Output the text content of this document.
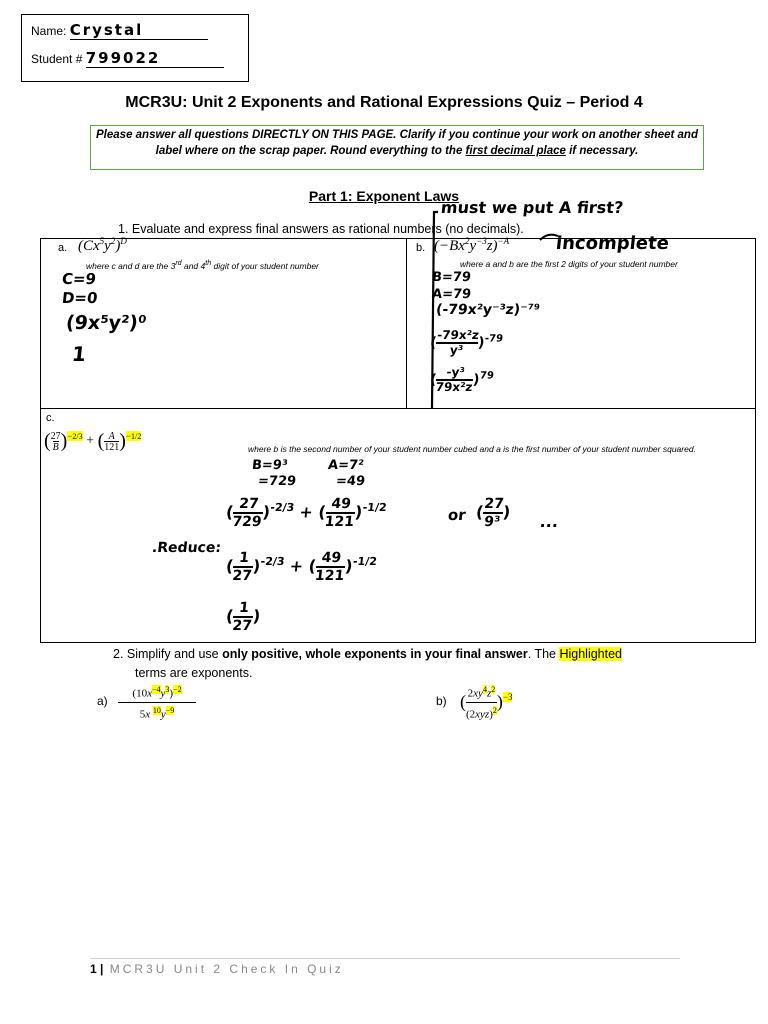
Name: Crystal
Student # 799022
MCR3U: Unit 2 Exponents and Rational Expressions Quiz – Period 4
Please answer all questions DIRECTLY ON THIS PAGE. Clarify if you continue your work on another sheet and label where on the scrap paper. Round everything to the first decimal place if necessary.
Part 1: Exponent Laws
1. Evaluate and express final answers as rational numbers (no decimals).
a. $(Cx^5y^2)^D$
where c and d are the 3rd and 4th digit of your student number
b. $(-Bx^2y^{-3}z)^{-A}$
where a and b are the first 2 digits of your student number
c.
(27
$B)^{-2/3} + (\frac{A}{121})^{-1/2}$
where b is the second number of your student number cubed and a is the first number of your student number squared.
2. Simplify and use only positive, whole exponents in your final answer. The Highlighted
terms are exponents.
a)
$(10x^{-4}y^3)^{-2}$
5x $^{10}y^{-9}$
b) ( $2xy^4z^2$
$(2xyz)^2$ )$^{-3}$
must we put A first?
incomplete
C=9
D=0
(9x⁵y²)⁰
1
B=79
A=79
(-79x²y⁻³z)⁻⁷⁹
( -79x²z
y³ )$^{-79}$
( -y³
79x²z)$^{79}$
B=9³
=729
A=7²
=49
( 27
729)$^{-2/3}$ + ( 49
121)$^{-1/2}$	or ( 27
9³) ...
.Reduce:
( 1
27)$^{-2/3}$ + ( 49
121)$^{-1/2}$
( 1
27)
1 | MCR3U Unit 2 Check In Quiz
